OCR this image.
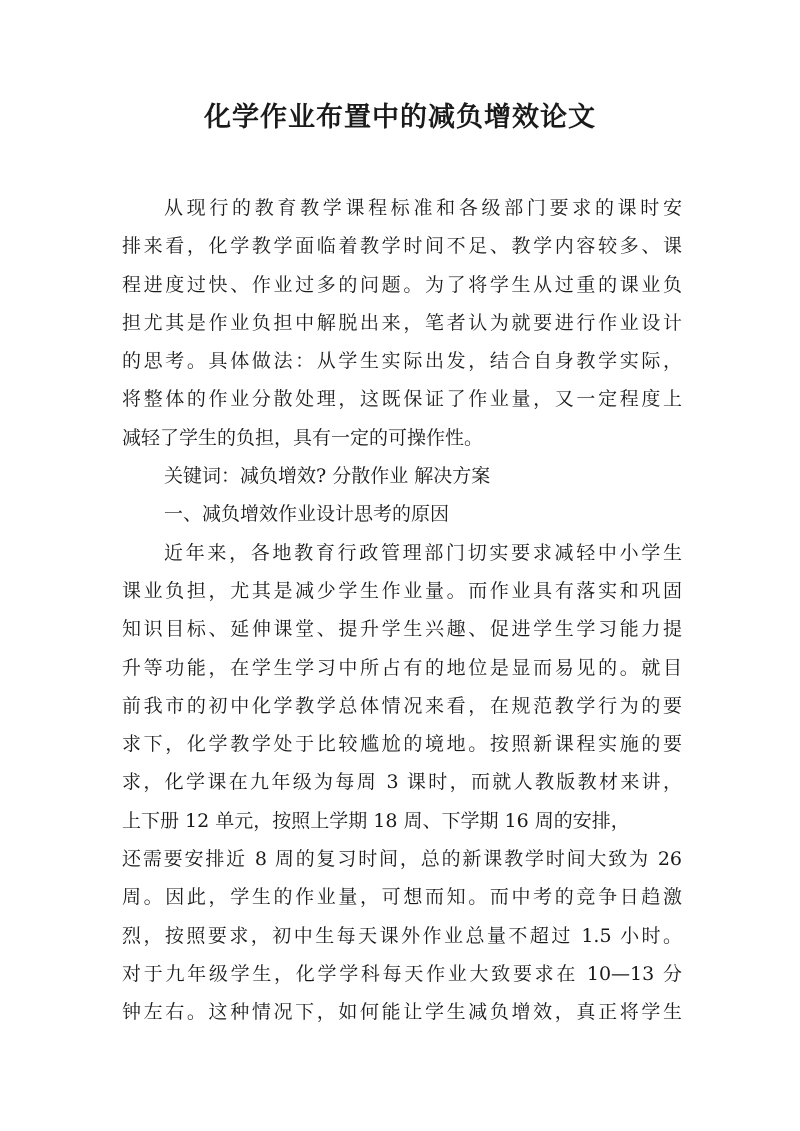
化学作业布置中的减负增效论文
从现行的教育教学课程标准和各级部门要求的课时安
排来看，化学教学面临着教学时间不足、教学内容较多、课
程进度过快、作业过多的问题。为了将学生从过重的课业负
担尤其是作业负担中解脱出来，笔者认为就要进行作业设计
的思考。具体做法：从学生实际出发，结合自身教学实际，
将整体的作业分散处理，这既保证了作业量，又一定程度上
减轻了学生的负担，具有一定的可操作性。
关键词：减负增效? 分散作业 解决方案
一、减负增效作业设计思考的原因
近年来，各地教育行政管理部门切实要求减轻中小学生
课业负担，尤其是减少学生作业量。而作业具有落实和巩固
知识目标、延伸课堂、提升学生兴趣、促进学生学习能力提
升等功能，在学生学习中所占有的地位是显而易见的。就目
前我市的初中化学教学总体情况来看，在规范教学行为的要
求下，化学教学处于比较尴尬的境地。按照新课程实施的要
求，化学课在九年级为每周 3 课时，而就人教版教材来讲，
上下册 12 单元，按照上学期 18 周、下学期 16 周的安排，
还需要安排近 8 周的复习时间，总的新课教学时间大致为 26
周。因此，学生的作业量，可想而知。而中考的竞争日趋激
烈，按照要求，初中生每天课外作业总量不超过 1.5 小时。
对于九年级学生，化学学科每天作业大致要求在 10—13 分
钟左右。这种情况下，如何能让学生减负增效，真正将学生
